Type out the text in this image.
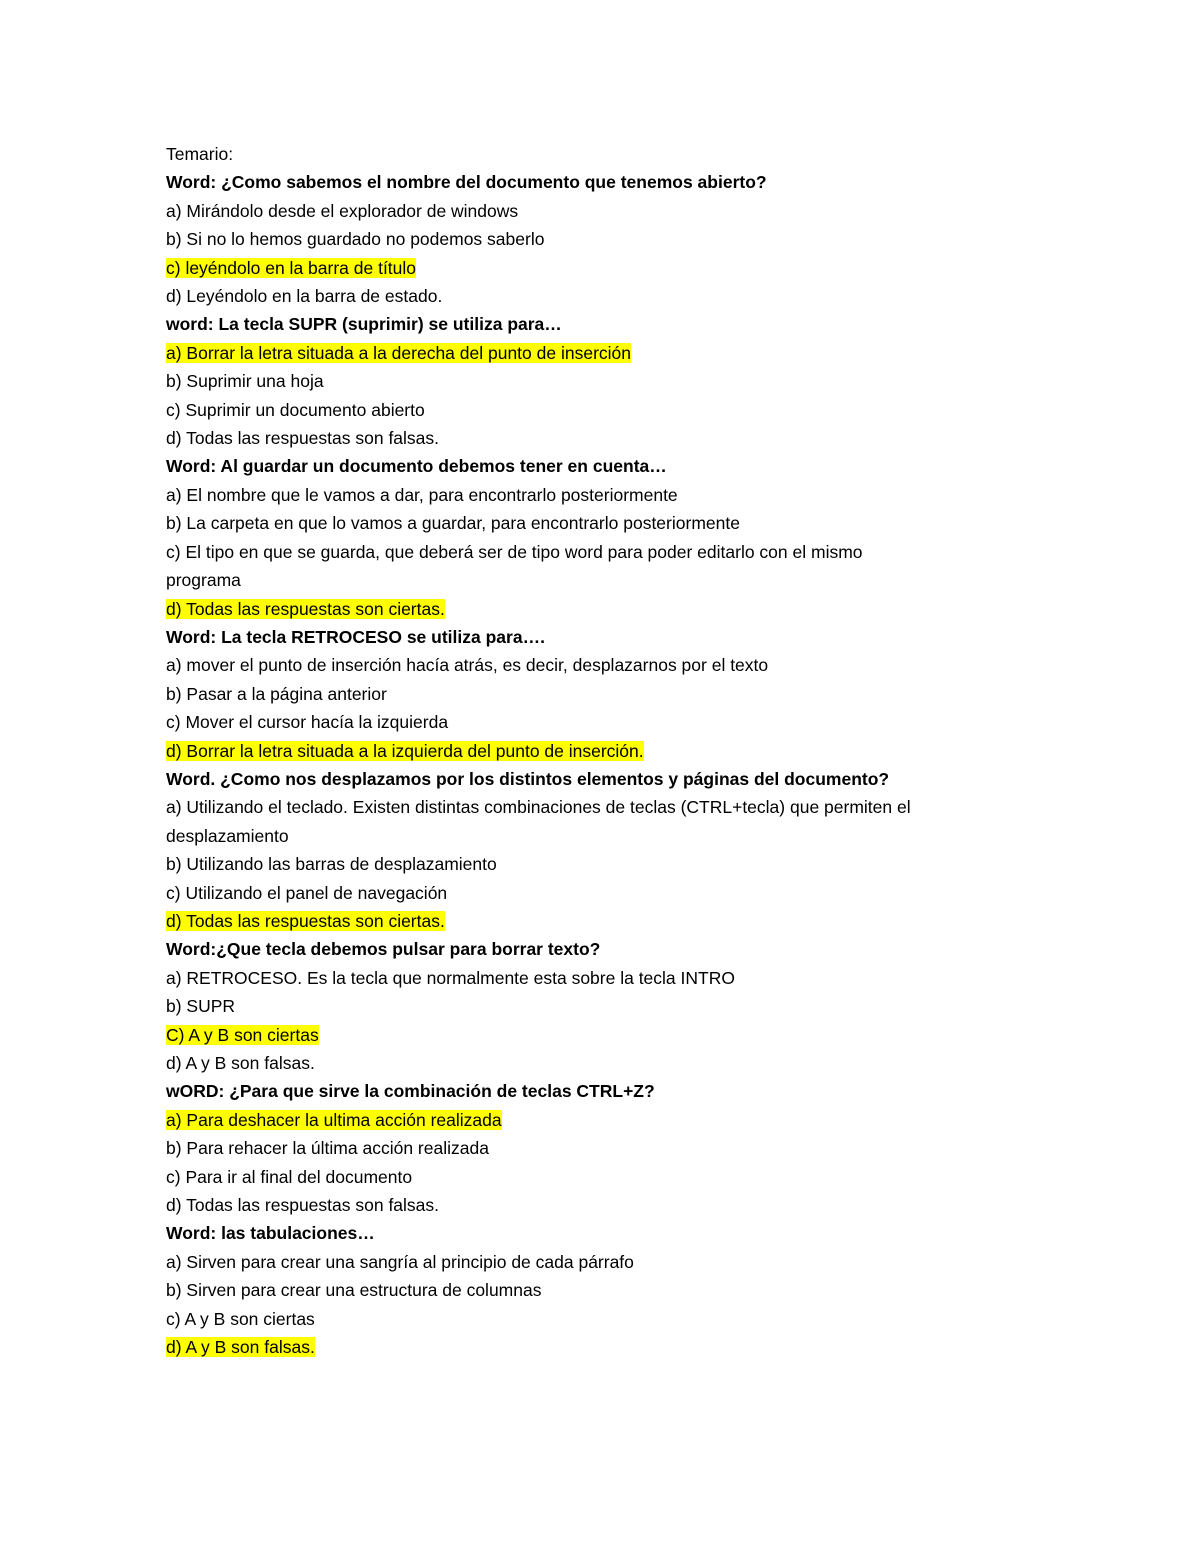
Temario:
Word: ¿Como sabemos el nombre del documento que tenemos abierto?
a) Mirándolo desde el explorador de windows
b) Si no lo hemos guardado no podemos saberlo
c) leyéndolo en la barra de título
d) Leyéndolo en la barra de estado.
word: La tecla SUPR (suprimir) se utiliza para…
a) Borrar la letra situada a la derecha del punto de inserción
b) Suprimir una hoja
c) Suprimir un documento abierto
d) Todas las respuestas son falsas.
Word: Al guardar un documento debemos tener en cuenta…
a) El nombre que le vamos a dar, para encontrarlo posteriormente
b) La carpeta en que lo vamos a guardar, para encontrarlo posteriormente
c) El tipo en que se guarda, que deberá ser de tipo word para poder editarlo con el mismo
programa
d) Todas las respuestas son ciertas.
Word: La tecla RETROCESO se utiliza para….
a) mover el punto de inserción hacía atrás, es decir, desplazarnos por el texto
b) Pasar a la página anterior
c) Mover el cursor hacía la izquierda
d) Borrar la letra situada a la izquierda del punto de inserción.
Word. ¿Como nos desplazamos por los distintos elementos y páginas del documento?
a) Utilizando el teclado. Existen distintas combinaciones de teclas (CTRL+tecla) que permiten el
desplazamiento
b) Utilizando las barras de desplazamiento
c) Utilizando el panel de navegación
d) Todas las respuestas son ciertas.
Word:¿Que tecla debemos pulsar para borrar texto?
a) RETROCESO. Es la tecla que normalmente esta sobre la tecla INTRO
b) SUPR
C) A y B son ciertas
d) A y B son falsas.
wORD: ¿Para que sirve la combinación de teclas CTRL+Z?
a) Para deshacer la ultima acción realizada
b) Para rehacer la última acción realizada
c) Para ir al final del documento
d) Todas las respuestas son falsas.
Word: las tabulaciones…
a) Sirven para crear una sangría al principio de cada párrafo
b) Sirven para crear una estructura de columnas
c) A y B son ciertas
d) A y B son falsas.
